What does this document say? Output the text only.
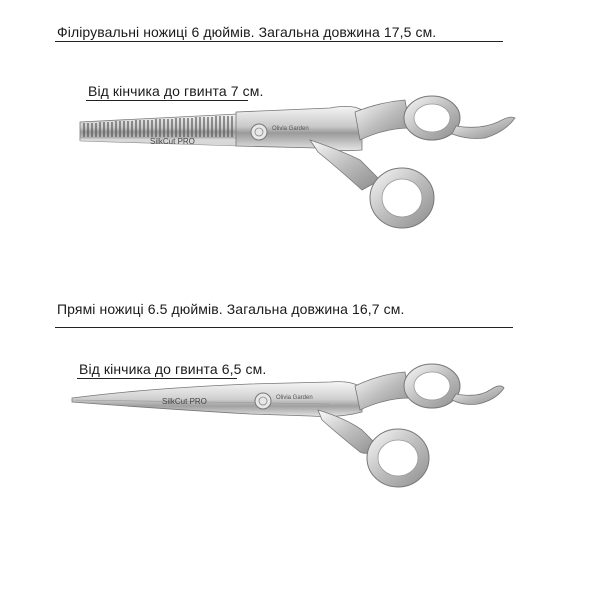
Філірувальні ножиці 6 дюймів. Загальна довжина 17,5 см.
Від кінчика до гвинта 7 см.
SilkCut PRO
Olivia Garden
Прямі ножиці 6.5 дюймів. Загальна довжина 16,7 см.
Від кінчика до гвинта 6,5 см.
SilkCut PRO	Olivia Garden
